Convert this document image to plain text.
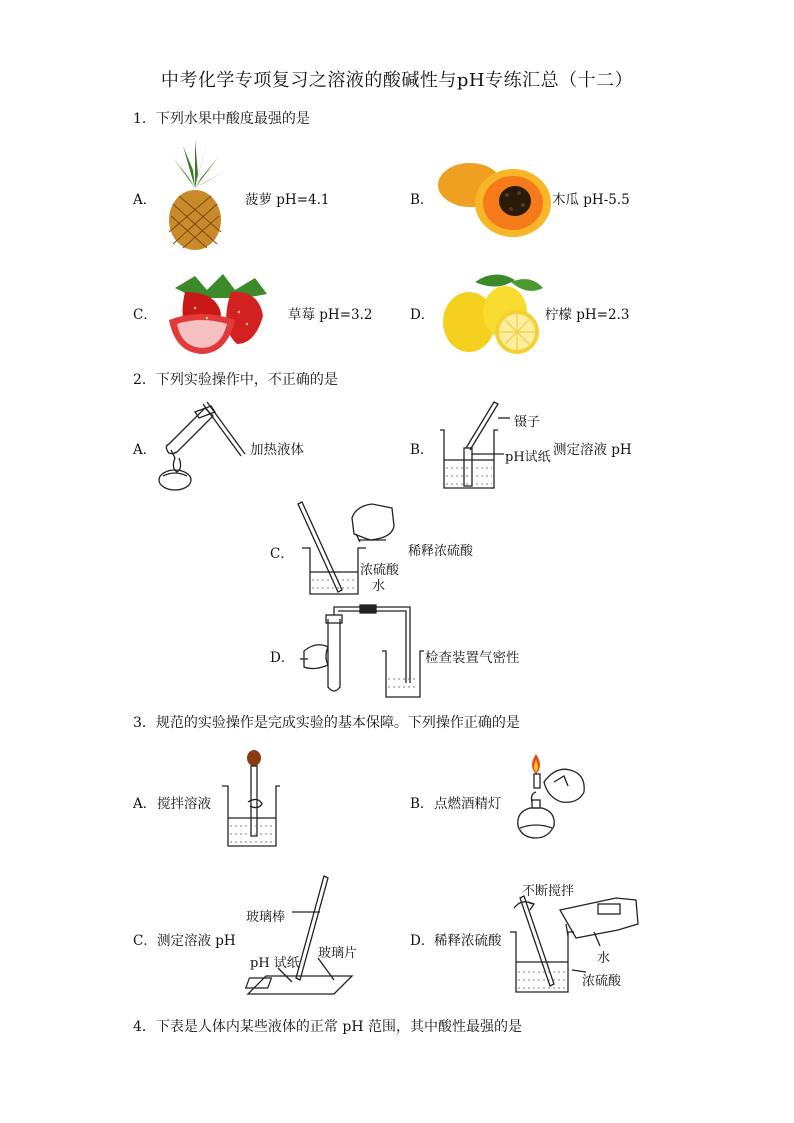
中考化学专项复习之溶液的酸碱性与pH专练汇总（十二）
1．下列水果中酸度最强的是
A．	菠萝 pH=4.1	B．	木瓜 pH-5.5
C．	草莓 pH=3.2	D．	柠檬 pH=2.3
2．下列实验操作中，不正确的是
A．	加热液体	B．
镊子
pH试纸 测定溶液 pH
C．	稀释浓硫酸
浓硫酸
水
D．	检查装置气密性
3．规范的实验操作是完成实验的基本保障。下列操作正确的是
A． 搅拌溶液	B． 点燃酒精灯
C． 测定溶液 pH
玻璃棒
pH 试纸
玻璃片
D． 稀释浓硫酸
不断搅拌
水
浓硫酸
4．下表是人体内某些液体的正常 pH 范围，其中酸性最强的是
